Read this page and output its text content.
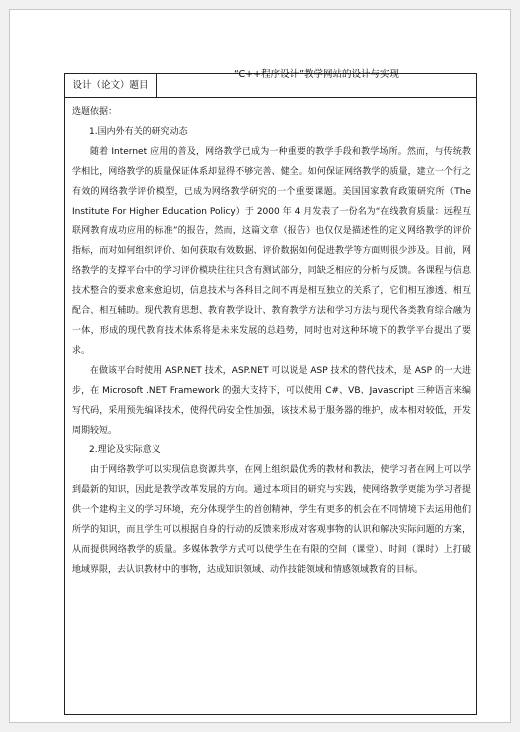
设计（论文）题目
“C++程序设计”教学网站的设计与实现

选题依据：

1.国内外有关的研究动态

随着 Internet 应用的普及，网络教学已成为一种重要的教学手段和教学场所。然而，与传统教学相比，网络教学的质量保证体系却显得不够完善、健全。如何保证网络教学的质量，建立一个行之有效的网络教学评价模型，已成为网络教学研究的一个重要课题。美国国家教育政策研究所（The Institute For Higher Education Policy）于 2000 年 4 月发表了一份名为“在线教育质量：远程互联网教育成功应用的标准”的报告，然而，这篇文章（报告）也仅仅是描述性的定义网络教学的评价指标，而对如何组织评价、如何获取有效数据、评价数据如何促进教学等方面则很少涉及。目前，网络教学的支撑平台中的学习评价模块往往只含有测试部分，同缺乏相应的分析与反馈。各课程与信息技术整合的要求愈来愈迫切，信息技术与各科目之间不再是相互独立的关系了，它们相互渗透、相互配合、相互辅助。现代教育思想、教育教学设计、教育教学方法和学习方法与现代各类教育综合融为一体，形成的现代教育技术体系将是未来发展的总趋势，同时也对这种环境下的教学平台提出了要求。

在做该平台时使用 ASP.NET 技术，ASP.NET 可以说是 ASP 技术的替代技术，是 ASP 的一大进步，在 Microsoft .NET Framework 的强大支持下，可以使用 C#、VB、Javascript 三种语言来编写代码，采用预先编译技术，使得代码安全性加强，该技术易于服务器的维护，成本相对较低，开发周期较短。

2.理论及实际意义

由于网络教学可以实现信息资源共享，在网上组织最优秀的教材和教法，使学习者在网上可以学到最新的知识，因此是教学改革发展的方向。通过本项目的研究与实践，使网络教学更能为学习者提供一个建构主义的学习环境，充分体现学生的首创精神，学生有更多的机会在不同情境下去运用他们所学的知识，而且学生可以根据自身的行动的反馈来形成对客观事物的认识和解决实际问题的方案，从而提供网络教学的质量。多媒体教学方式可以使学生在有限的空间（课堂）、时间（课时）上打破地域界限，去认识教材中的事物，达成知识领域、动作技能领域和情感领域教育的目标。
